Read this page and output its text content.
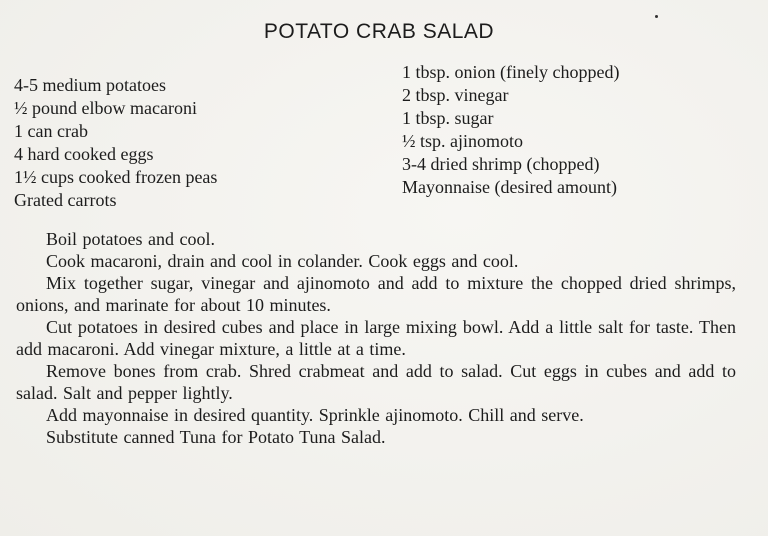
POTATO CRAB SALAD
4-5 medium potatoes
½ pound elbow macaroni
1 can crab
4 hard cooked eggs
1½ cups cooked frozen peas
Grated carrots
1 tbsp. onion (finely chopped)
2 tbsp. vinegar
1 tbsp. sugar
½ tsp. ajinomoto
3-4 dried shrimp (chopped)
Mayonnaise (desired amount)

Boil potatoes and cool.

Cook macaroni, drain and cool in colander. Cook eggs and cool.

Mix together sugar, vinegar and ajinomoto and add to mixture the chopped dried shrimps, onions, and marinate for about 10 minutes.

Cut potatoes in desired cubes and place in large mixing bowl. Add a little salt for taste. Then add macaroni. Add vinegar mixture, a little at a time.

Remove bones from crab. Shred crabmeat and add to salad. Cut eggs in cubes and add to salad. Salt and pepper lightly.

Add mayonnaise in desired quantity. Sprinkle ajinomoto. Chill and serve.

Substitute canned Tuna for Potato Tuna Salad.
